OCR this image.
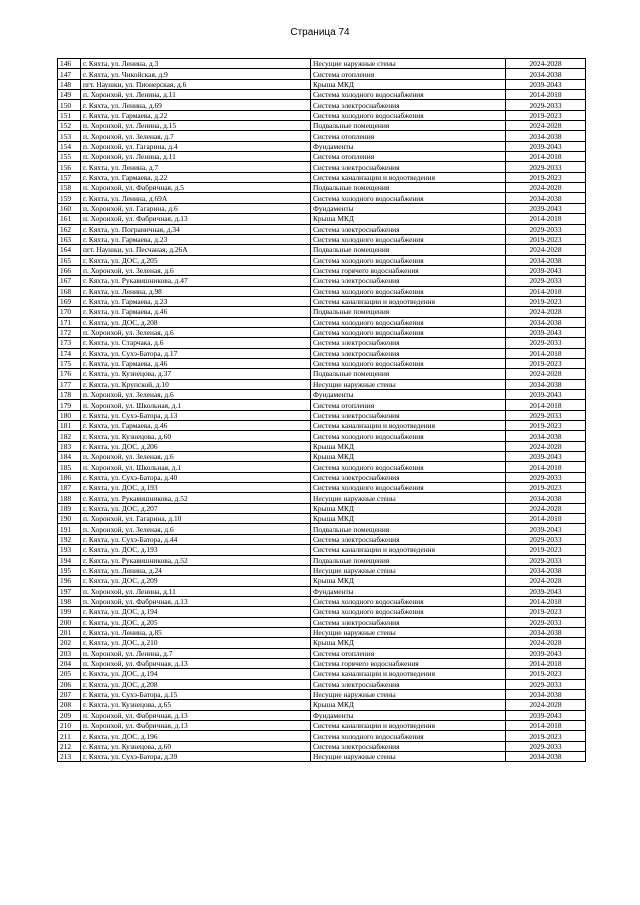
Страница 74
146	г. Кяхта, ул. Ленина, д.3	Несущие наружные стены	2024-2028
147	г. Кяхта, ул. Чикойская, д.9	Система отопления	2034-2038
148	пгт. Наушки, ул. Пионерская, д.6	Крыша МКД	2039-2043
149	п. Хоронхой, ул. Ленина, д.11	Система холодного водоснабжения	2014-2018
150	г. Кяхта, ул. Ленина, д.69	Система электроснабжения	2029-2033
151	г. Кяхта, ул. Гармаева, д.22	Система холодного водоснабжения	2019-2023
152	п. Хоронхой, ул. Ленина, д.15	Подвальные помещения	2024-2028
153	п. Хоронхой, ул. Зеленая, д.7	Система отопления	2034-2038
154	п. Хоронхой, ул. Гагарина, д.4	Фундаменты	2039-2043
155	п. Хоронхой, ул. Ленина, д.11	Система отопления	2014-2018
156	г. Кяхта, ул. Ленина, д.7	Система электроснабжения	2029-2033
157	г. Кяхта, ул. Гармаева, д.22	Система канализации и водоотведения	2019-2023
158	п. Хоронхой, ул. Фабричная, д.5	Подвальные помещения	2024-2028
159	г. Кяхта, ул. Ленина, д.69А	Система холодного водоснабжения	2034-2038
160	п. Хоронхой, ул. Гагарина, д.6	Фундаменты	2039-2043
161	п. Хоронхой, ул. Фабричная, д.13	Крыша МКД	2014-2018
162	г. Кяхта, ул. Пограничная, д.34	Система электроснабжения	2029-2033
163	г. Кяхта, ул. Гармаева, д.23	Система холодного водоснабжения	2019-2023
164	пгт. Наушки, ул. Песчаная, д.26А	Подвальные помещения	2024-2028
165	г. Кяхта, ул. ДОС, д.205	Система холодного водоснабжения	2034-2038
166	п. Хоронхой, ул. Зеленая, д.6	Система горячего водоснабжения	2039-2043
167	г. Кяхта, ул. Рукавишникова, д.47	Система электроснабжения	2029-2033
168	г. Кяхта, ул. Ленина, д.98	Система холодного водоснабжения	2014-2018
169	г. Кяхта, ул. Гармаева, д.23	Система канализации и водоотведения	2019-2023
170	г. Кяхта, ул. Гармаева, д.46	Подвальные помещения	2024-2028
171	г. Кяхта, ул. ДОС, д.208	Система холодного водоснабжения	2034-2038
172	п. Хоронхой, ул. Зеленая, д.6	Система холодного водоснабжения	2039-2043
173	г. Кяхта, ул. Старчака, д.6	Система электроснабжения	2029-2033
174	г. Кяхта, ул. Сухэ-Батора, д.17	Система электроснабжения	2014-2018
175	г. Кяхта, ул. Гармаева, д.46	Система холодного водоснабжения	2019-2023
176	г. Кяхта, ул. Кузнецова, д.37	Подвальные помещения	2024-2028
177	г. Кяхта, ул. Крупской, д.10	Несущие наружные стены	2034-2038
178	п. Хоронхой, ул. Зеленая, д.6	Фундаменты	2039-2043
179	п. Хоронхой, ул. Школьная, д.1	Система отопления	2014-2018
180	г. Кяхта, ул. Сухэ-Батора, д.13	Система электроснабжения	2029-2033
181	г. Кяхта, ул. Гармаева, д.46	Система канализации и водоотведения	2019-2023
182	г. Кяхта, ул. Кузнецова, д.60	Система холодного водоснабжения	2034-2038
183	г. Кяхта, ул. ДОС, д.206	Крыша МКД	2024-2028
184	п. Хоронхой, ул. Зеленая, д.6	Крыша МКД	2039-2043
185	п. Хоронхой, ул. Школьная, д.1	Система холодного водоснабжения	2014-2018
186	г. Кяхта, ул. Сухэ-Батора, д.40	Система электроснабжения	2029-2033
187	г. Кяхта, ул. ДОС, д.193	Система холодного водоснабжения	2019-2023
188	г. Кяхта, ул. Рукавишникова, д.52	Несущие наружные стены	2034-2038
189	г. Кяхта, ул. ДОС, д.207	Крыша МКД	2024-2028
190	п. Хоронхой, ул. Гагарина, д.10	Крыша МКД	2014-2018
191	п. Хоронхой, ул. Зеленая, д.6	Подвальные помещения	2039-2043
192	г. Кяхта, ул. Сухэ-Батора, д.44	Система электроснабжения	2029-2033
193	г. Кяхта, ул. ДОС, д.193	Система канализации и водоотведения	2019-2023
194	г. Кяхта, ул. Рукавишникова, д.52	Подвальные помещения	2029-2033
195	г. Кяхта, ул. Ленина, д.24	Несущие наружные стены	2034-2038
196	г. Кяхта, ул. ДОС, д.209	Крыша МКД	2024-2028
197	п. Хоронхой, ул. Ленина, д.11	Фундаменты	2039-2043
198	п. Хоронхой, ул. Фабричная, д.13	Система холодного водоснабжения	2014-2018
199	г. Кяхта, ул. ДОС, д.194	Система холодного водоснабжения	2019-2023
200	г. Кяхта, ул. ДОС, д.205	Система электроснабжения	2029-2033
201	г. Кяхта, ул. Ленина, д.85	Несущие наружные стены	2034-2038
202	г. Кяхта, ул. ДОС, д.210	Крыша МКД	2024-2028
203	п. Хоронхой, ул. Ленина, д.7	Система отопления	2039-2043
204	п. Хоронхой, ул. Фабричная, д.13	Система горячего водоснабжения	2014-2018
205	г. Кяхта, ул. ДОС, д.194	Система канализации и водоотведения	2019-2023
206	г. Кяхта, ул. ДОС, д.208	Система электроснабжения	2029-2033
207	г. Кяхта, ул. Сухэ-Батора, д.15	Несущие наружные стены	2034-2038
208	г. Кяхта, ул. Кузнецова, д.65	Крыша МКД	2024-2028
209	п. Хоронхой, ул. Фабричная, д.13	Фундаменты	2039-2043
210	п. Хоронхой, ул. Фабричная, д.13	Система канализации и водоотведения	2014-2018
211	г. Кяхта, ул. ДОС, д.196	Система холодного водоснабжения	2019-2023
212	г. Кяхта, ул. Кузнецова, д.60	Система электроснабжения	2029-2033
213	г. Кяхта, ул. Сухэ-Батора, д.39	Несущие наружные стены	2034-2038
